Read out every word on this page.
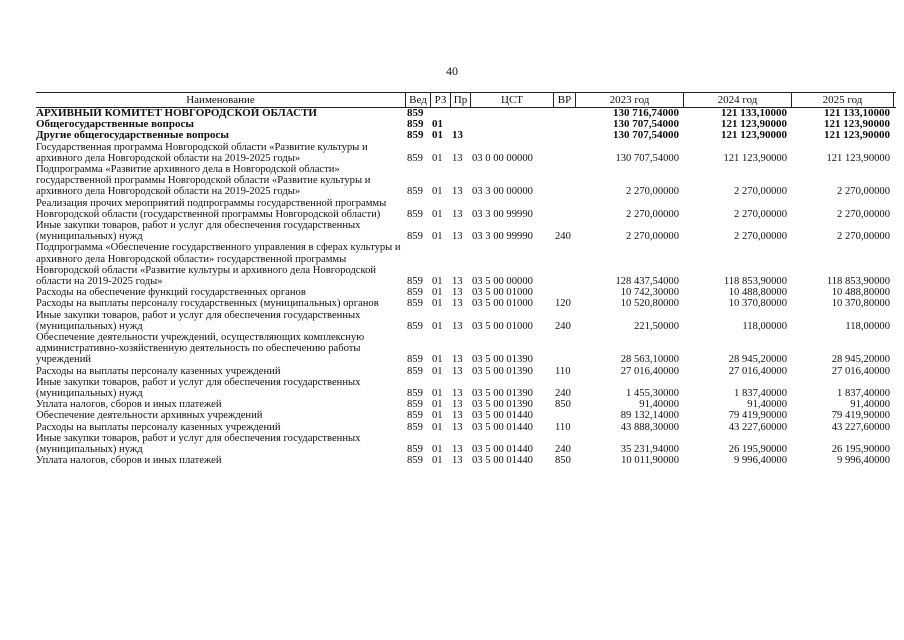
40
Наименование	Вед РЗ Пр	ЦСТ	ВР	2023 год	2024 год	2025 год
АРХИВНЫЙ КОМИТЕТ НОВГОРОДСКОЙ ОБЛАСТИ	859	130 716,74000	121 133,10000	121 133,10000
Общегосударственные вопросы	859 01	130 707,54000	121 123,90000	121 123,90000
Другие общегосударственные вопросы	859 01 13	130 707,54000	121 123,90000	121 123,90000
Государственная программа Новгородской области «Развитие культуры и архивного дела Новгородской области на 2019-2025 годы»	859 01 13 03 0 00 00000	130 707,54000	121 123,90000	121 123,90000
Подпрограмма «Развитие архивного дела в Новгородской области» государственной программы Новгородской области «Развитие культуры и архивного дела Новгородской области на 2019-2025 годы»	859 01 13 03 3 00 00000	2 270,00000	2 270,00000	2 270,00000
Реализация прочих мероприятий подпрограммы государственной программы Новгородской области (государственной программы Новгородской области)	859 01 13 03 3 00 99990	2 270,00000	2 270,00000	2 270,00000
Иные закупки товаров, работ и услуг для обеспечения государственных (муниципальных) нужд	859 01 13 03 3 00 99990	240	2 270,00000	2 270,00000	2 270,00000
Подпрограмма «Обеспечение государственного управления в сферах культуры и архивного дела Новгородской области» государственной программы Новгородской области «Развитие культуры и архивного дела Новгородской области на 2019-2025 годы»	859 01 13 03 5 00 00000	128 437,54000	118 853,90000	118 853,90000
Расходы на обеспечение функций государственных органов	859 01 13 03 5 00 01000	10 742,30000	10 488,80000	10 488,80000
Расходы на выплаты персоналу государственных (муниципальных) органов	859 01 13 03 5 00 01000	120	10 520,80000	10 370,80000	10 370,80000
Иные закупки товаров, работ и услуг для обеспечения государственных (муниципальных) нужд	859 01 13 03 5 00 01000	240	221,50000	118,00000	118,00000
Обеспечение деятельности учреждений, осуществляющих комплексную административно-хозяйственную деятельность по обеспечению работы учреждений	859 01 13 03 5 00 01390	28 563,10000	28 945,20000	28 945,20000
Расходы на выплаты персоналу казенных учреждений	859 01 13 03 5 00 01390	110	27 016,40000	27 016,40000	27 016,40000
Иные закупки товаров, работ и услуг для обеспечения государственных (муниципальных) нужд	859 01 13 03 5 00 01390	240	1 455,30000	1 837,40000	1 837,40000
Уплата налогов, сборов и иных платежей	859 01 13 03 5 00 01390	850	91,40000	91,40000	91,40000
Обеспечение деятельности архивных учреждений	859 01 13 03 5 00 01440	89 132,14000	79 419,90000	79 419,90000
Расходы на выплаты персоналу казенных учреждений	859 01 13 03 5 00 01440	110	43 888,30000	43 227,60000	43 227,60000
Иные закупки товаров, работ и услуг для обеспечения государственных (муниципальных) нужд	859 01 13 03 5 00 01440	240	35 231,94000	26 195,90000	26 195,90000
Уплата налогов, сборов и иных платежей	859 01 13 03 5 00 01440	850	10 011,90000	9 996,40000	9 996,40000
